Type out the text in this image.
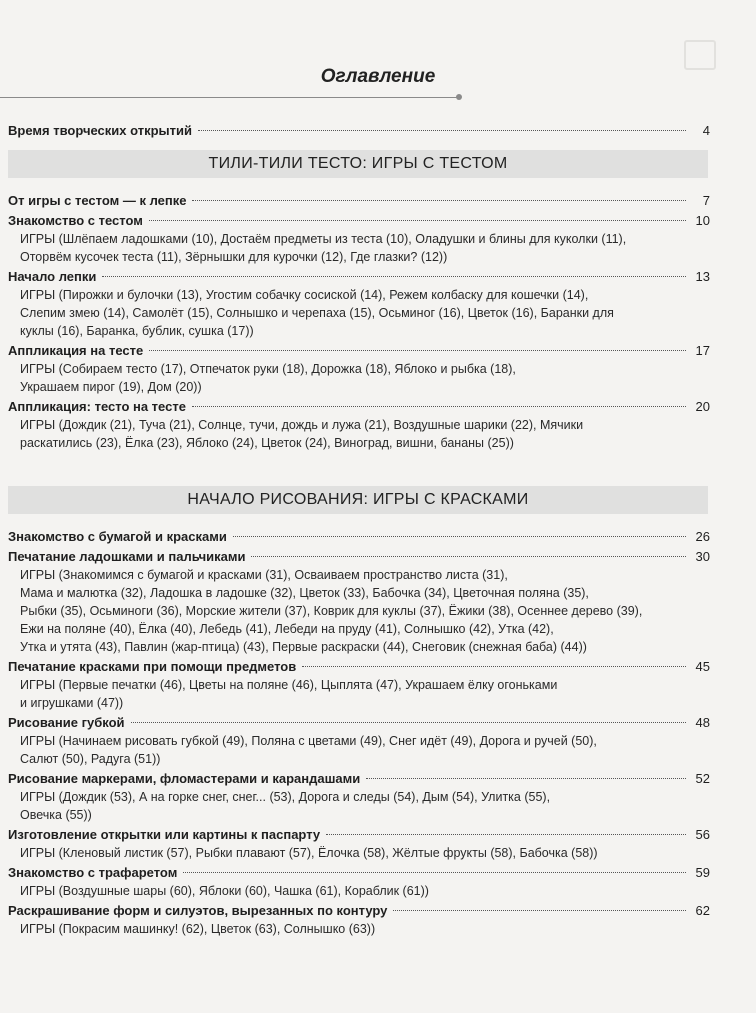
Оглавление
Время творческих открытий	4
ТИЛИ-ТИЛИ ТЕСТО: ИГРЫ С ТЕСТОМ
От игры с тестом — к лепке	7
Знакомство с тестом	10
ИГРЫ (Шлёпаем ладошками (10), Достаём предметы из теста (10), Оладушки и блины для куколки (11),
Оторвём кусочек теста (11), Зёрнышки для курочки (12), Где глазки? (12))
Начало лепки	13
ИГРЫ (Пирожки и булочки (13), Угостим собачку сосиской (14), Режем колбаску для кошечки (14),
Слепим змею (14), Самолёт (15), Солнышко и черепаха (15), Осьминог (16), Цветок (16), Баранки для
куклы (16), Баранка, бублик, сушка (17))
Аппликация на тесте	17
ИГРЫ (Собираем тесто (17), Отпечаток руки (18), Дорожка (18), Яблоко и рыбка (18),
Украшаем пирог (19), Дом (20))
Аппликация: тесто на тесте	20
ИГРЫ (Дождик (21), Туча (21), Солнце, тучи, дождь и лужа (21), Воздушные шарики (22), Мячики
раскатились (23), Ёлка (23), Яблоко (24), Цветок (24), Виноград, вишни, бананы (25))
НАЧАЛО РИСОВАНИЯ: ИГРЫ С КРАСКАМИ
Знакомство с бумагой и красками	26
Печатание ладошками и пальчиками	30
ИГРЫ (Знакомимся с бумагой и красками (31), Осваиваем пространство листа (31),
Мама и малютка (32), Ладошка в ладошке (32), Цветок (33), Бабочка (34), Цветочная поляна (35),
Рыбки (35), Осьминоги (36), Морские жители (37), Коврик для куклы (37), Ёжики (38), Осеннее дерево (39),
Ежи на поляне (40), Ёлка (40), Лебедь (41), Лебеди на пруду (41), Солнышко (42), Утка (42),
Утка и утята (43), Павлин (жар-птица) (43), Первые раскраски (44), Снеговик (снежная баба) (44))
Печатание красками при помощи предметов	45
ИГРЫ (Первые печатки (46), Цветы на поляне (46), Цыплята (47), Украшаем ёлку огоньками
и игрушками (47))
Рисование губкой	48
ИГРЫ (Начинаем рисовать губкой (49), Поляна с цветами (49), Снег идёт (49), Дорога и ручей (50),
Салют (50), Радуга (51))
Рисование маркерами, фломастерами и карандашами	52
ИГРЫ (Дождик (53), А на горке снег, снег... (53), Дорога и следы (54), Дым (54), Улитка (55),
Овечка (55))
Изготовление открытки или картины к паспарту	56
ИГРЫ (Кленовый листик (57), Рыбки плавают (57), Ёлочка (58), Жёлтые фрукты (58), Бабочка (58))
Знакомство с трафаретом	59
ИГРЫ (Воздушные шары (60), Яблоки (60), Чашка (61), Кораблик (61))
Раскрашивание форм и силуэтов, вырезанных по контуру	62
ИГРЫ (Покрасим машинку! (62), Цветок (63), Солнышко (63))
